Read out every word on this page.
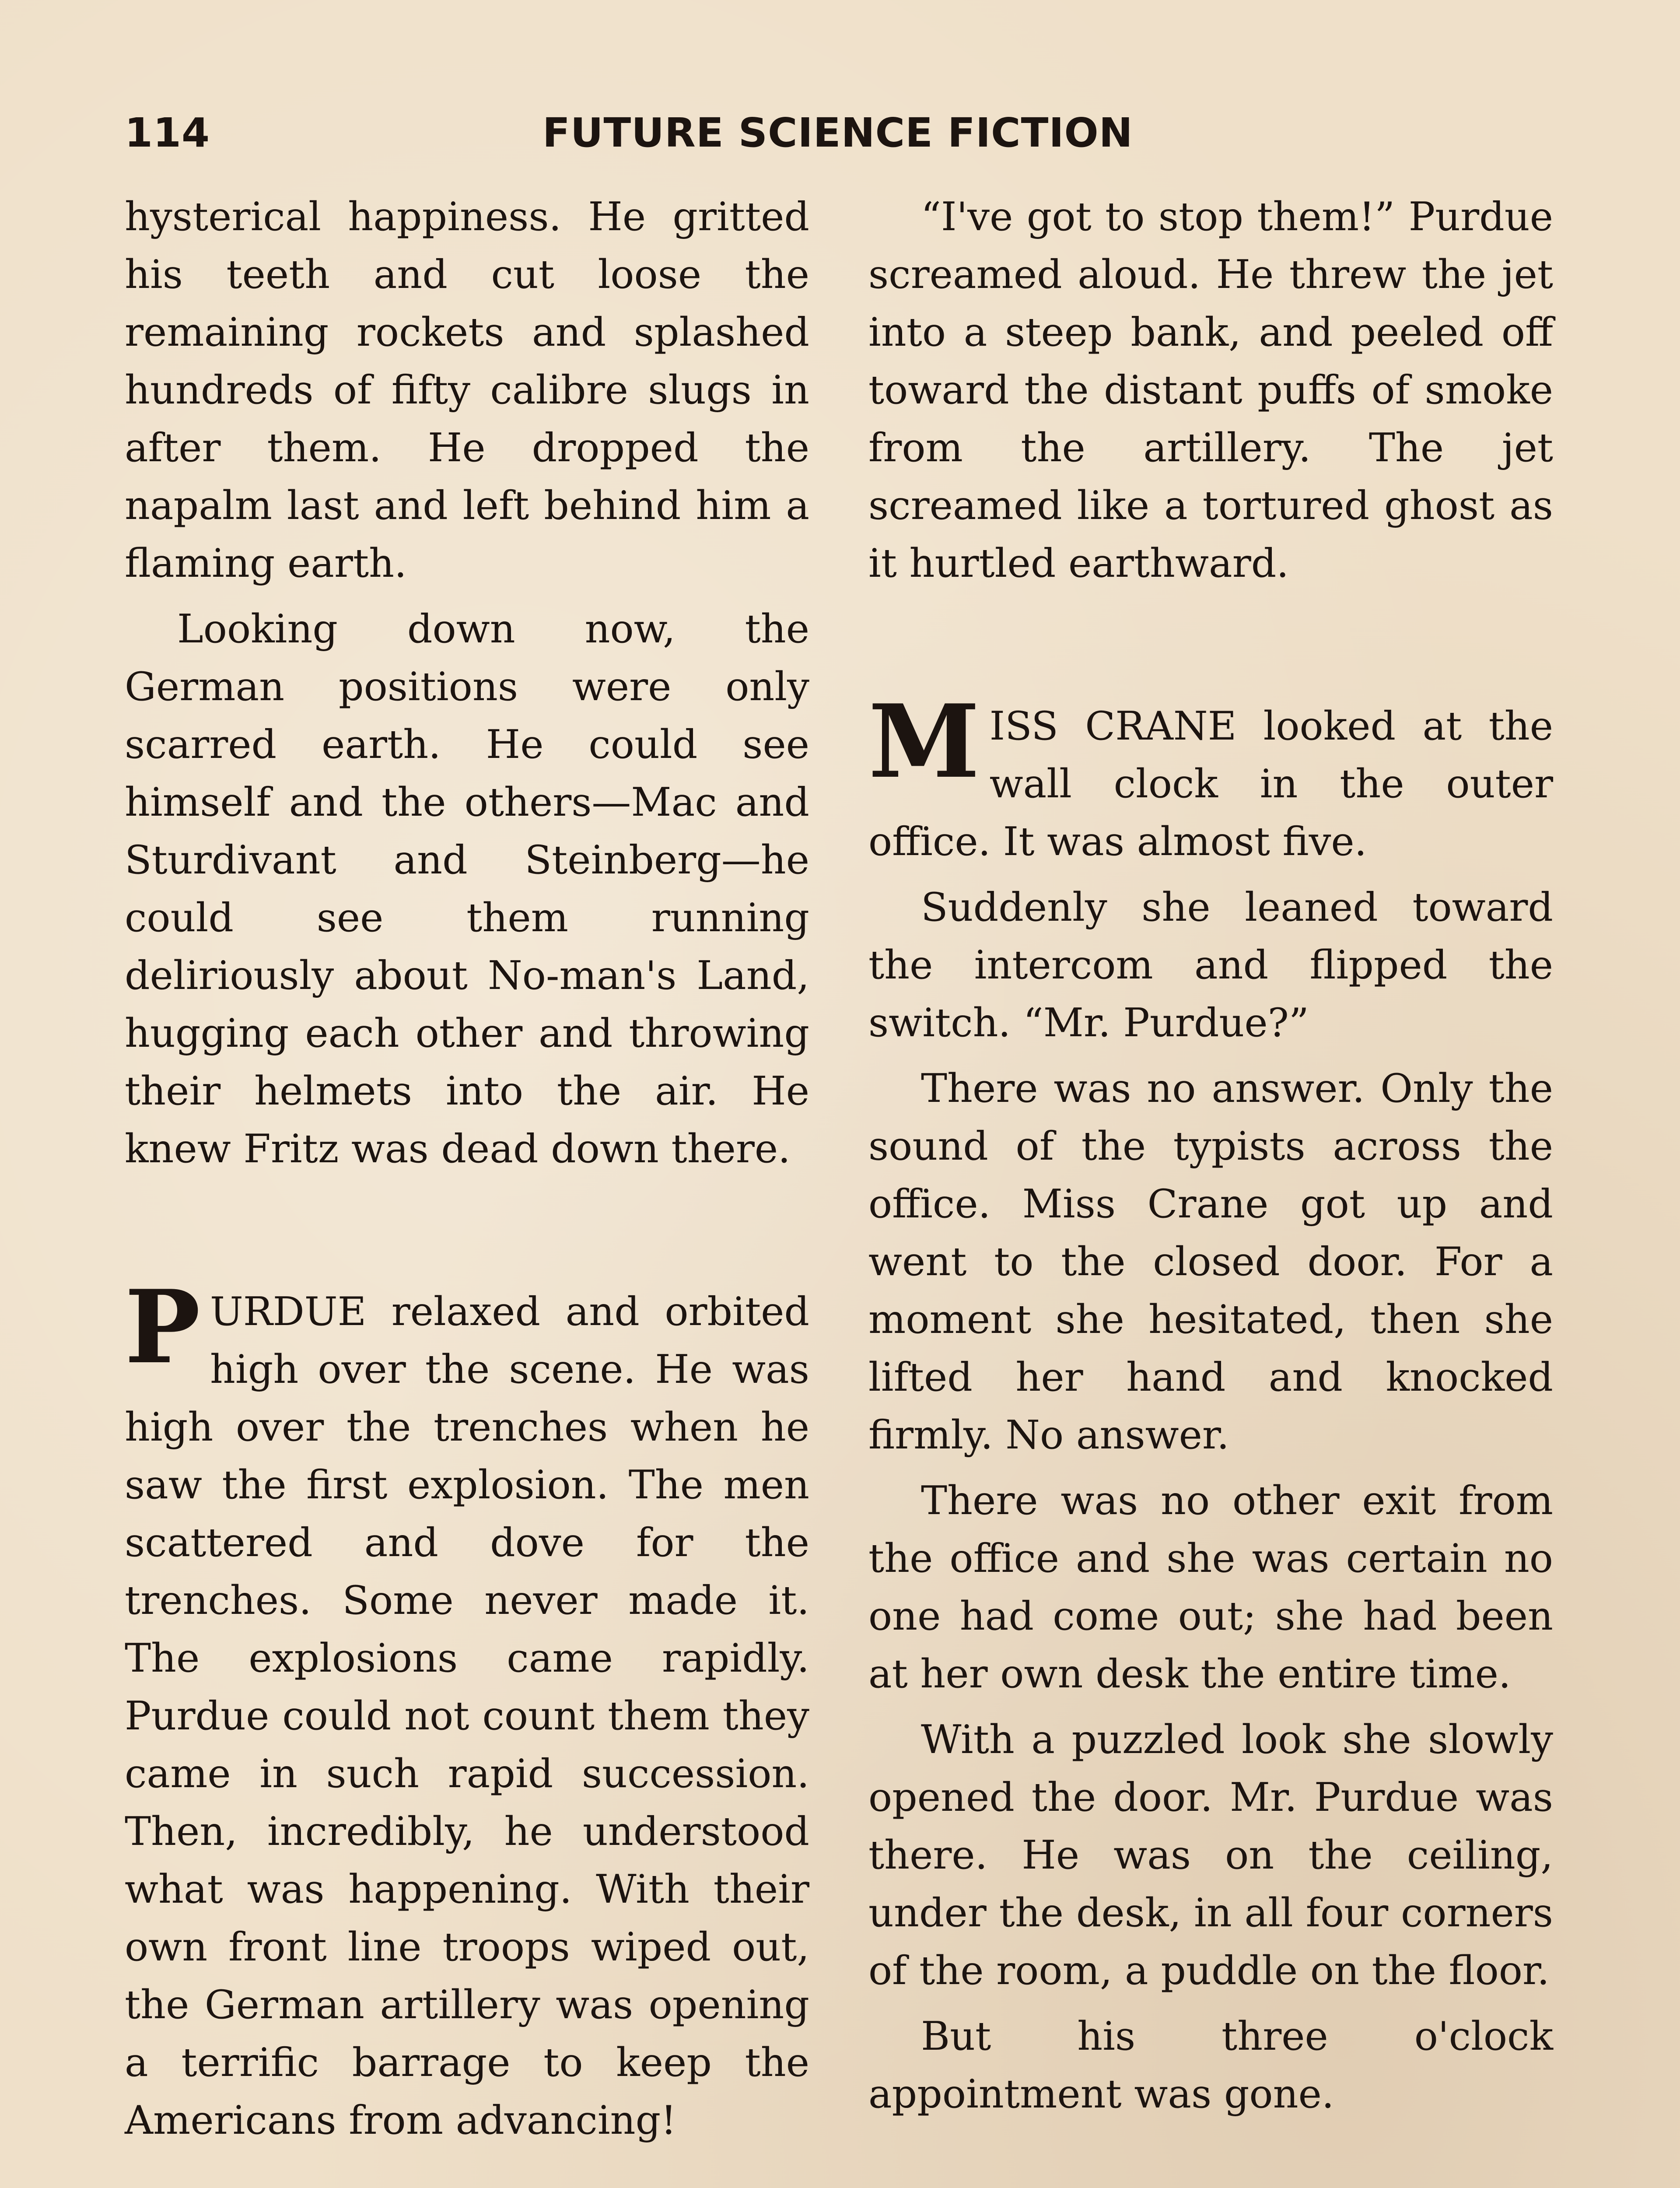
114	FUTURE SCIENCE FICTION

hysterical happiness. He gritted his teeth and cut loose the remaining rockets and splashed hundreds of fifty calibre slugs in after them. He dropped the napalm last and left behind him a flaming earth.

Looking down now, the German positions were only scarred earth. He could see himself and the others—Mac and Sturdivant and Steinberg—he could see them running deliriously about No-man's Land, hugging each other and throwing their helmets into the air. He knew Fritz was dead down there.

PURDUE relaxed and orbited high over the scene. He was high over the trenches when he saw the first explosion. The men scattered and dove for the trenches. Some never made it. The explosions came rapidly. Purdue could not count them they came in such rapid succession. Then, incredibly, he understood what was happening. With their own front line troops wiped out, the German artillery was opening a terrific barrage to keep the Americans from advancing!

“I've got to stop them!” Purdue screamed aloud. He threw the jet into a steep bank, and peeled off toward the distant puffs of smoke from the artillery. The jet screamed like a tortured ghost as it hurtled earthward.

MISS CRANE looked at the wall clock in the outer office. It was almost five.

Suddenly she leaned toward the intercom and flipped the switch. “Mr. Purdue?”

There was no answer. Only the sound of the typists across the office. Miss Crane got up and went to the closed door. For a moment she hesitated, then she lifted her hand and knocked firmly. No answer.

There was no other exit from the office and she was certain no one had come out; she had been at her own desk the entire time.

With a puzzled look she slowly opened the door. Mr. Purdue was there. He was on the ceiling, under the desk, in all four corners of the room, a puddle on the floor.

But his three o'clock appointment was gone.
